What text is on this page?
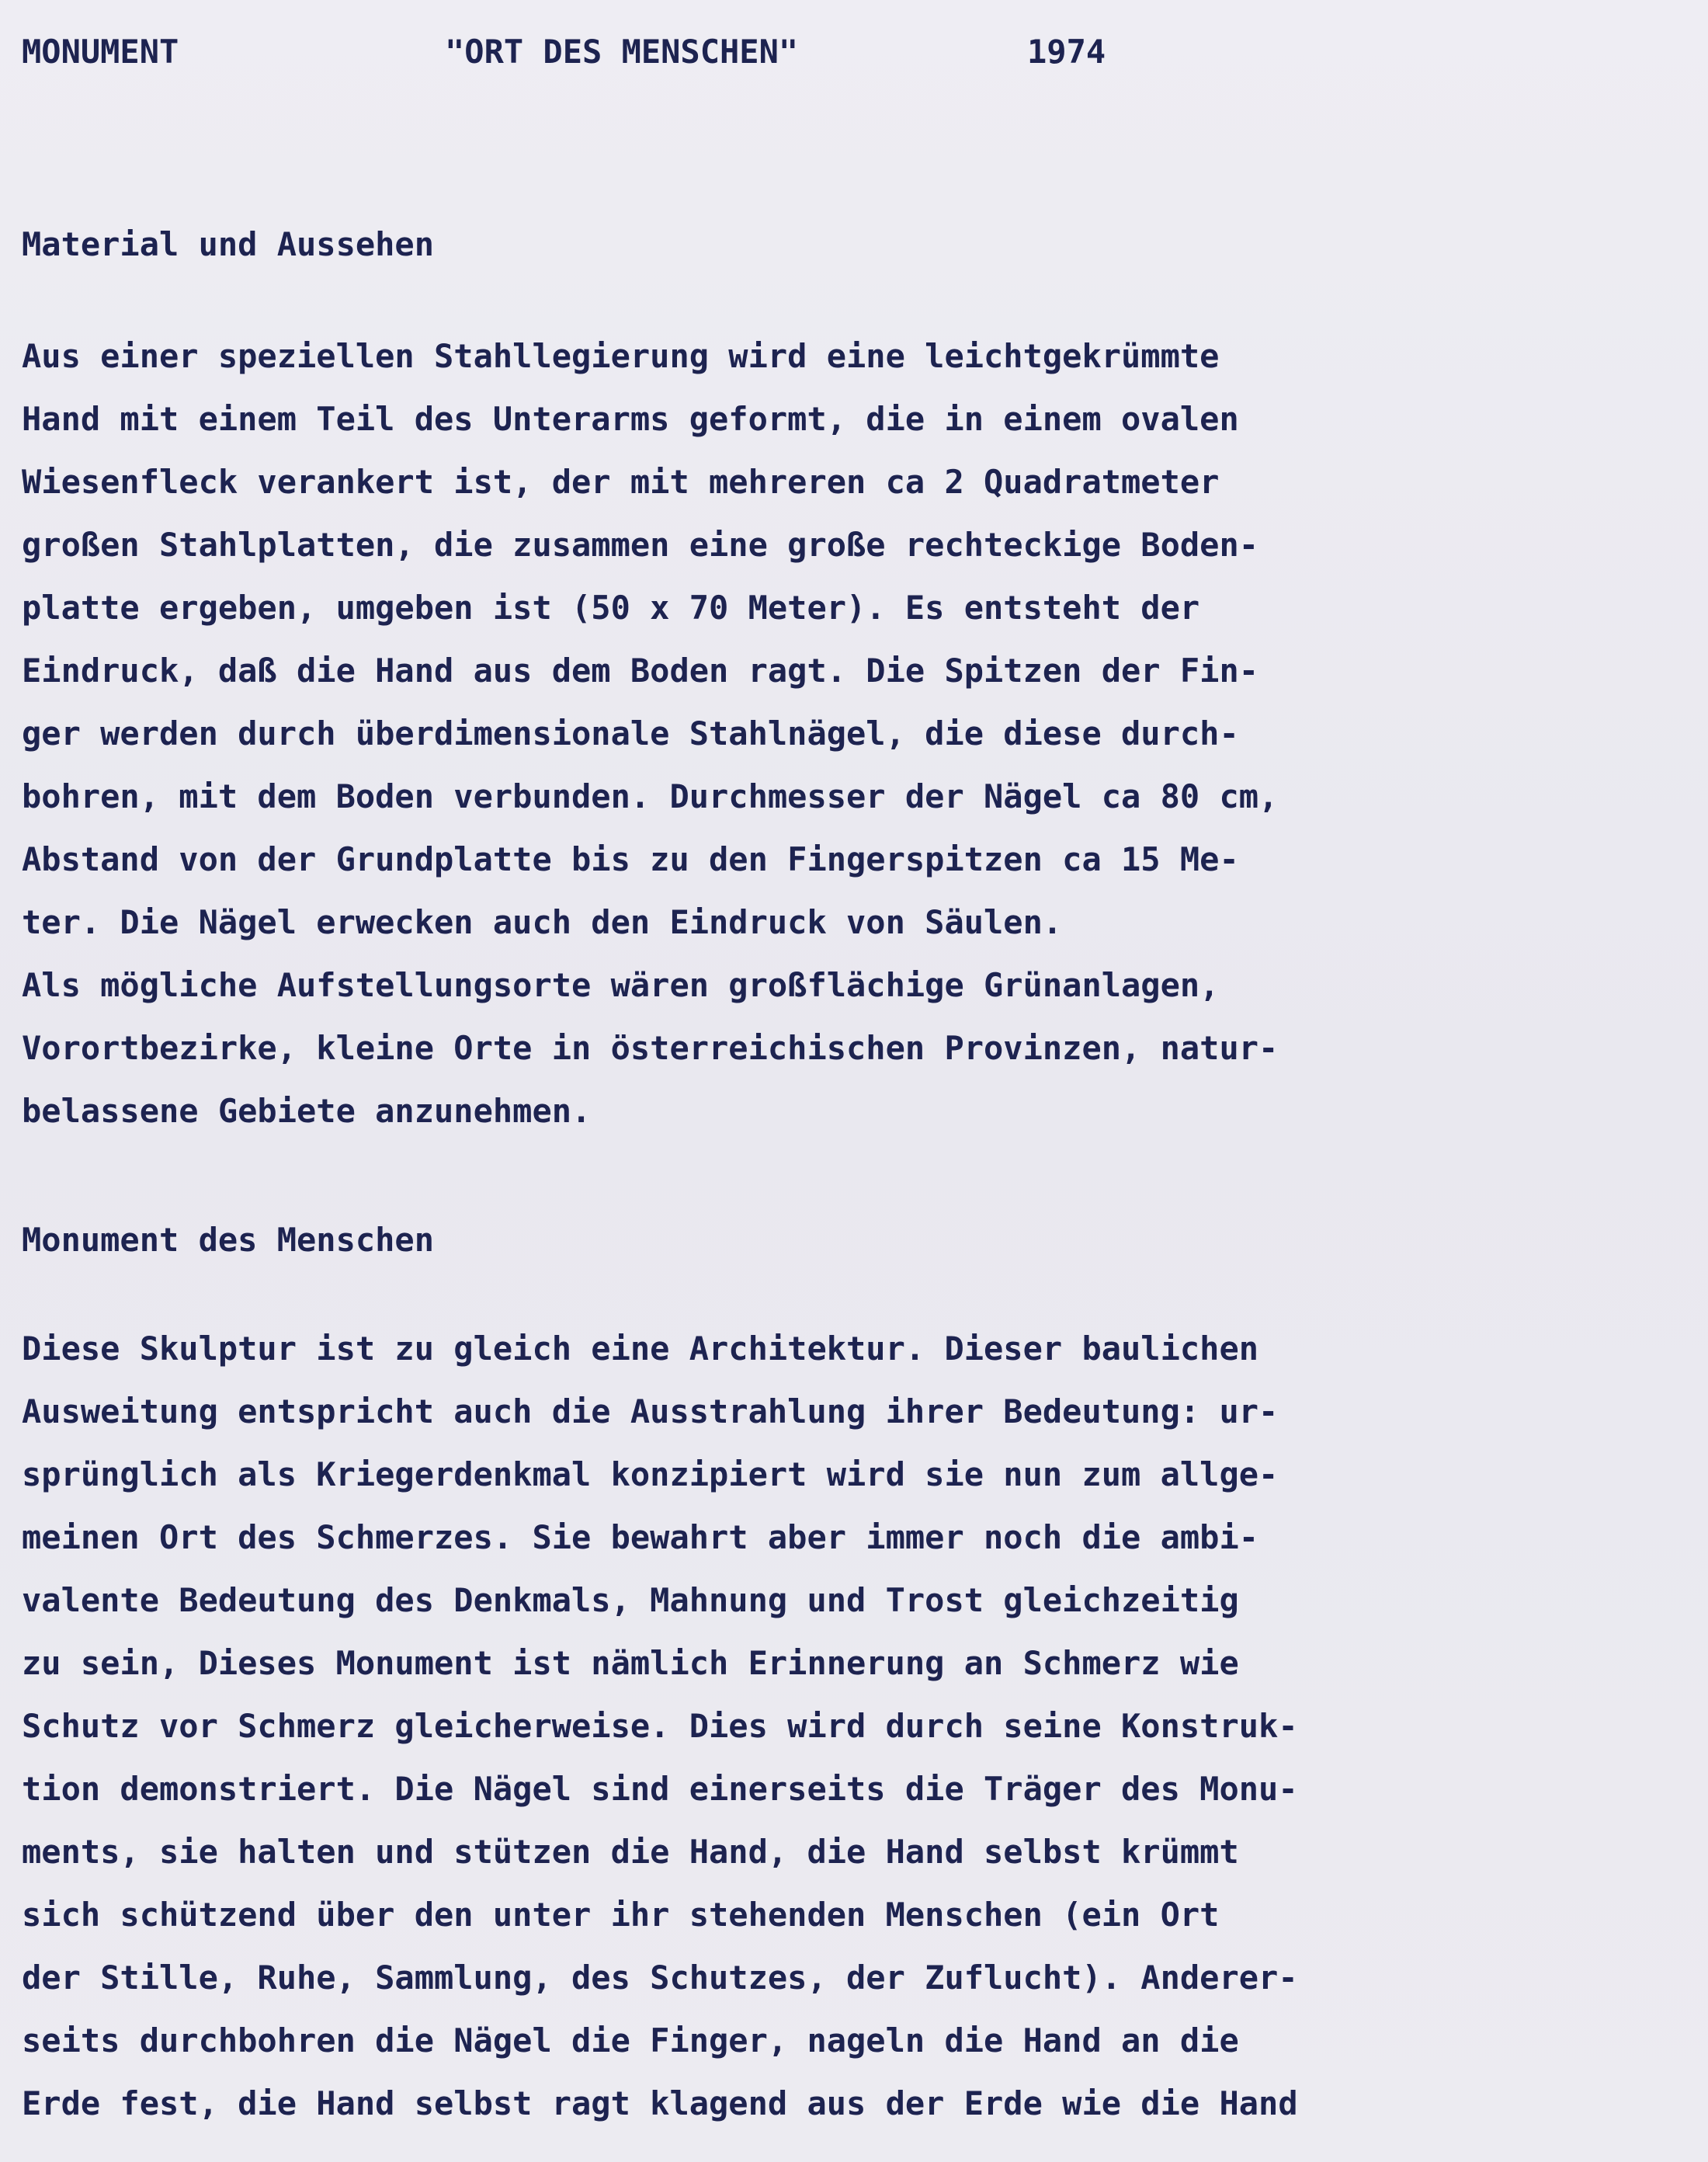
MONUMENT	"ORT DES MENSCHEN"	1974
Material und Aussehen
Aus einer speziellen Stahllegierung wird eine leichtgekrümmte
Hand mit einem Teil des Unterarms geformt, die in einem ovalen
Wiesenfleck verankert ist, der mit mehreren ca 2 Quadratmeter
großen Stahlplatten, die zusammen eine große rechteckige Boden-
platte ergeben, umgeben ist (50 x 70 Meter). Es entsteht der
Eindruck, daß die Hand aus dem Boden ragt. Die Spitzen der Fin-
ger werden durch überdimensionale Stahlnägel, die diese durch-
bohren, mit dem Boden verbunden. Durchmesser der Nägel ca 80 cm,
Abstand von der Grundplatte bis zu den Fingerspitzen ca 15 Me-
ter. Die Nägel erwecken auch den Eindruck von Säulen.
Als mögliche Aufstellungsorte wären großflächige Grünanlagen,
Vorortbezirke, kleine Orte in österreichischen Provinzen, natur-
belassene Gebiete anzunehmen.
Monument des Menschen
Diese Skulptur ist zu gleich eine Architektur. Dieser baulichen
Ausweitung entspricht auch die Ausstrahlung ihrer Bedeutung: ur-
sprünglich als Kriegerdenkmal konzipiert wird sie nun zum allge-
meinen Ort des Schmerzes. Sie bewahrt aber immer noch die ambi-
valente Bedeutung des Denkmals, Mahnung und Trost gleichzeitig
zu sein, Dieses Monument ist nämlich Erinnerung an Schmerz wie
Schutz vor Schmerz gleicherweise. Dies wird durch seine Konstruk-
tion demonstriert. Die Nägel sind einerseits die Träger des Monu-
ments, sie halten und stützen die Hand, die Hand selbst krümmt
sich schützend über den unter ihr stehenden Menschen (ein Ort
der Stille, Ruhe, Sammlung, des Schutzes, der Zuflucht). Anderer-
seits durchbohren die Nägel die Finger, nageln die Hand an die
Erde fest, die Hand selbst ragt klagend aus der Erde wie die Hand
